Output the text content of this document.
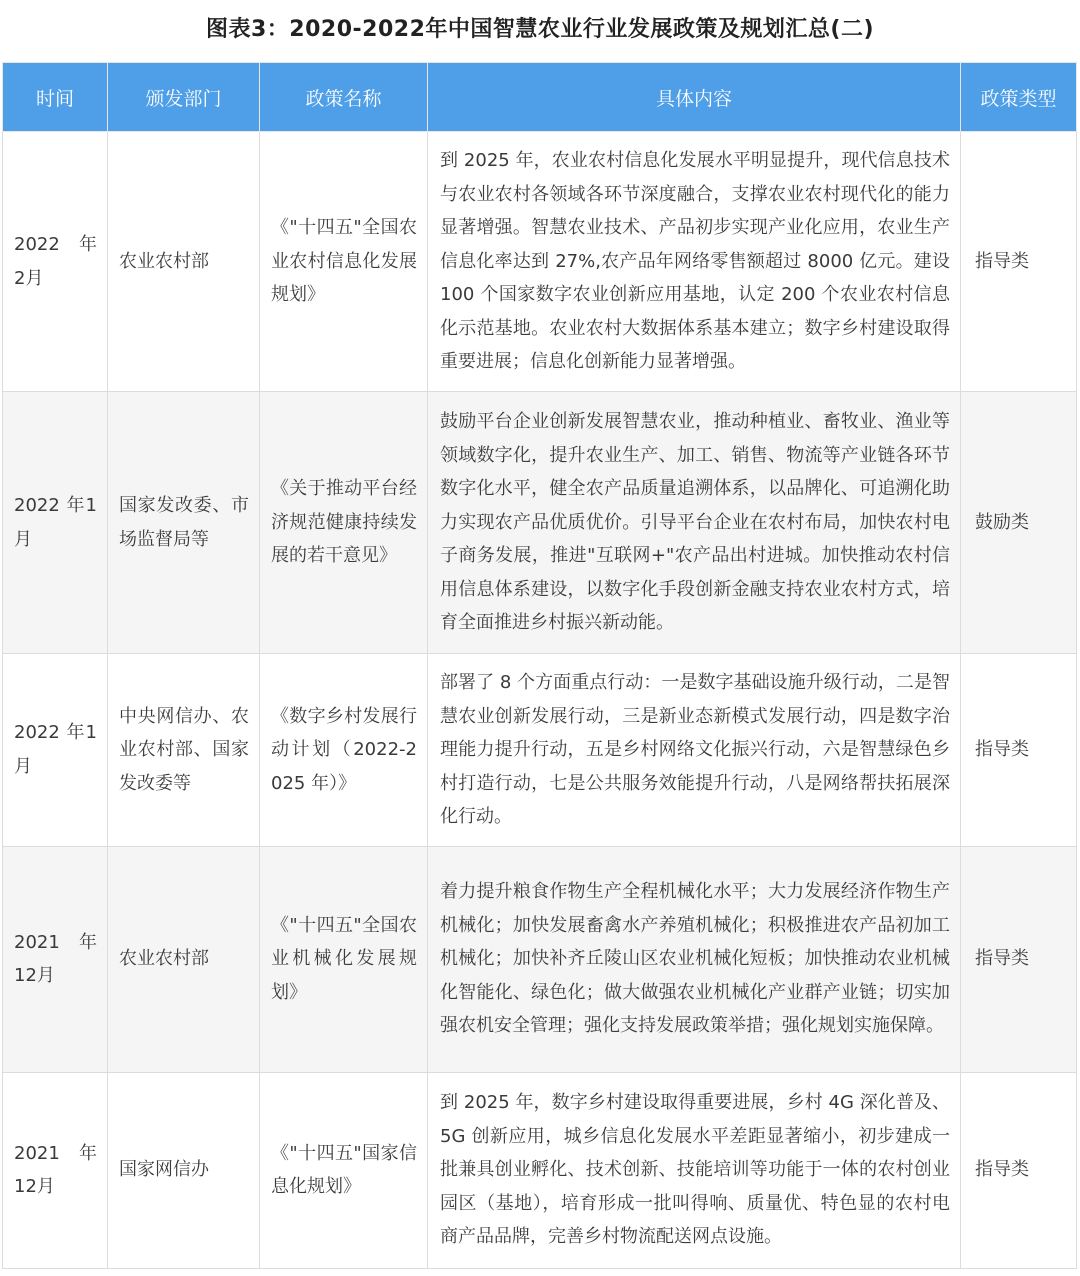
图表3：2020-2022年中国智慧农业行业发展政策及规划汇总(二)
时间	颁发部门	政策名称	具体内容	政策类型
2022 年 2月	农业农村部	《"十四五"全国农业农村信息化发展规划》	到 2025 年，农业农村信息化发展水平明显提升，现代信息技术与农业农村各领域各环节深度融合，支撑农业农村现代化的能力显著增强。智慧农业技术、产品初步实现产业化应用，农业生产信息化率达到 27%,农产品年网络零售额超过 8000 亿元。建设 100 个国家数字农业创新应用基地，认定 200 个农业农村信息化示范基地。农业农村大数据体系基本建立；数字乡村建设取得重要进展；信息化创新能力显著增强。	指导类
2022 年1月	国家发改委、市场监督局等	《关于推动平台经济规范健康持续发展的若干意见》	鼓励平台企业创新发展智慧农业，推动种植业、畜牧业、渔业等领域数字化，提升农业生产、加工、销售、物流等产业链各环节数字化水平，健全农产品质量追溯体系，以品牌化、可追溯化助力实现农产品优质优价。引导平台企业在农村布局，加快农村电子商务发展，推进"互联网+"农产品出村进城。加快推动农村信用信息体系建设，以数字化手段创新金融支持农业农村方式，培育全面推进乡村振兴新动能。	鼓励类
2022 年1月	中央网信办、农业农村部、国家发改委等	《数字乡村发展行动计划（2022-2025 年）》	部署了 8 个方面重点行动：一是数字基础设施升级行动，二是智慧农业创新发展行动，三是新业态新模式发展行动，四是数字治理能力提升行动，五是乡村网络文化振兴行动，六是智慧绿色乡村打造行动，七是公共服务效能提升行动，八是网络帮扶拓展深化行动。	指导类
2021 年 12月	农业农村部	《"十四五"全国农业机械化发展规划》	着力提升粮食作物生产全程机械化水平；大力发展经济作物生产机械化；加快发展畜禽水产养殖机械化；积极推进农产品初加工机械化；加快补齐丘陵山区农业机械化短板；加快推动农业机械化智能化、绿色化；做大做强农业机械化产业群产业链；切实加强农机安全管理；强化支持发展政策举措；强化规划实施保障。	指导类
2021 年 12月	国家网信办	《"十四五"国家信息化规划》	到 2025 年，数字乡村建设取得重要进展，乡村 4G 深化普及、5G 创新应用，城乡信息化发展水平差距显著缩小，初步建成一批兼具创业孵化、技术创新、技能培训等功能于一体的农村创业园区（基地），培育形成一批叫得响、质量优、特色显的农村电商产品品牌，完善乡村物流配送网点设施。	指导类
